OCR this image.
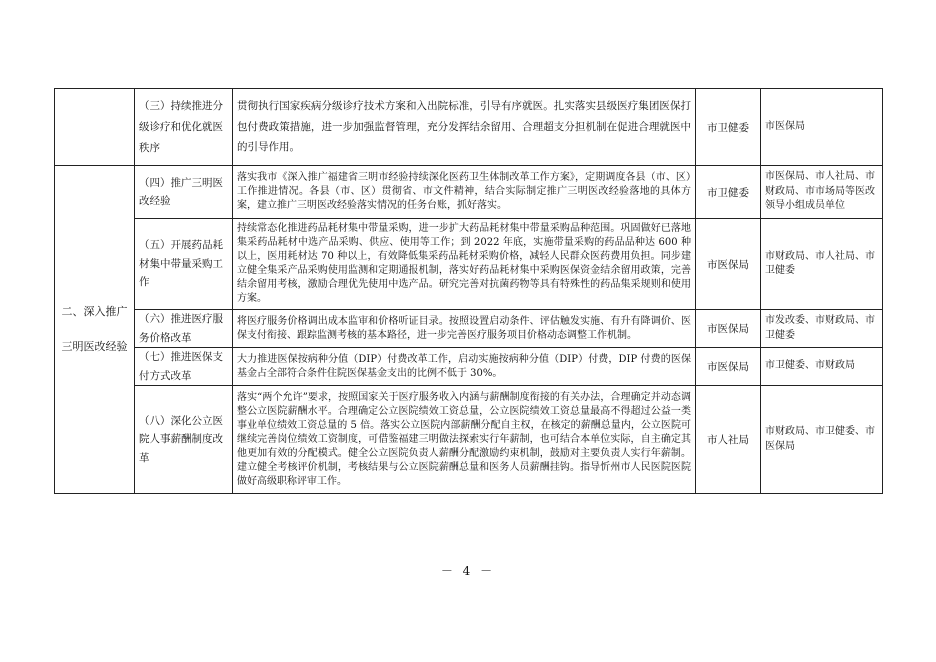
	（三）持续推进分级诊疗和优化就医秩序	贯彻执行国家疾病分级诊疗技术方案和入出院标准，引导有序就医。扎实落实县级医疗集团医保打包付费政策措施，进一步加强监督管理，充分发挥结余留用、合理超支分担机制在促进合理就医中的引导作用。	市卫健委	市医保局

二、深入推广
三明医改经验	（四）推广三明医改经验	落实我市《深入推广福建省三明市经验持续深化医药卫生体制改革工作方案》，定期调度各县（市、区）工作推进情况。各县（市、区）贯彻省、市文件精神，结合实际制定推广三明医改经验落地的具体方案，建立推广三明医改经验落实情况的任务台账，抓好落实。	市卫健委	市医保局、市人社局、市财政局、市市场局等医改领导小组成员单位
	（五）开展药品耗材集中带量采购工作	持续常态化推进药品耗材集中带量采购，进一步扩大药品耗材集中带量采购品种范围。巩固做好已落地集采药品耗材中选产品采购、供应、使用等工作；到 2022 年底，实施带量采购的药品品种达 600 种以上，医用耗材达 70 种以上，有效降低集采药品耗材采购价格，减轻人民群众医药费用负担。同步建立健全集采产品采购使用监测和定期通报机制，落实好药品耗材集中采购医保资金结余留用政策，完善结余留用考核，激励合理优先使用中选产品。研究完善对抗菌药物等具有特殊性的药品集采规则和使用方案。	市医保局	市财政局、市人社局、市卫健委
	（六）推进医疗服务价格改革	将医疗服务价格调出成本监审和价格听证目录。按照设置启动条件、评估触发实施、有升有降调价、医保支付衔接、跟踪监测考核的基本路径，进一步完善医疗服务项目价格动态调整工作机制。	市医保局	市发改委、市财政局、市卫健委
	（七）推进医保支付方式改革	大力推进医保按病种分值（DIP）付费改革工作，启动实施按病种分值（DIP）付费，DIP 付费的医保基金占全部符合条件住院医保基金支出的比例不低于 30%。	市医保局	市卫健委、市财政局
	（八）深化公立医院人事薪酬制度改革	落实“两个允许”要求，按照国家关于医疗服务收入内涵与薪酬制度衔接的有关办法，合理确定并动态调整公立医院薪酬水平。合理确定公立医院绩效工资总量，公立医院绩效工资总量最高不得超过公益一类事业单位绩效工资总量的 5 倍。落实公立医院内部薪酬分配自主权，在核定的薪酬总量内，公立医院可继续完善岗位绩效工资制度，可借鉴福建三明做法探索实行年薪制，也可结合本单位实际，自主确定其他更加有效的分配模式。健全公立医院负责人薪酬分配激励约束机制，鼓励对主要负责人实行年薪制。建立健全考核评价机制，考核结果与公立医院薪酬总量和医务人员薪酬挂钩。指导忻州市人民医院医院做好高级职称评审工作。	市人社局	市财政局、市卫健委、市医保局
－ 4 －
